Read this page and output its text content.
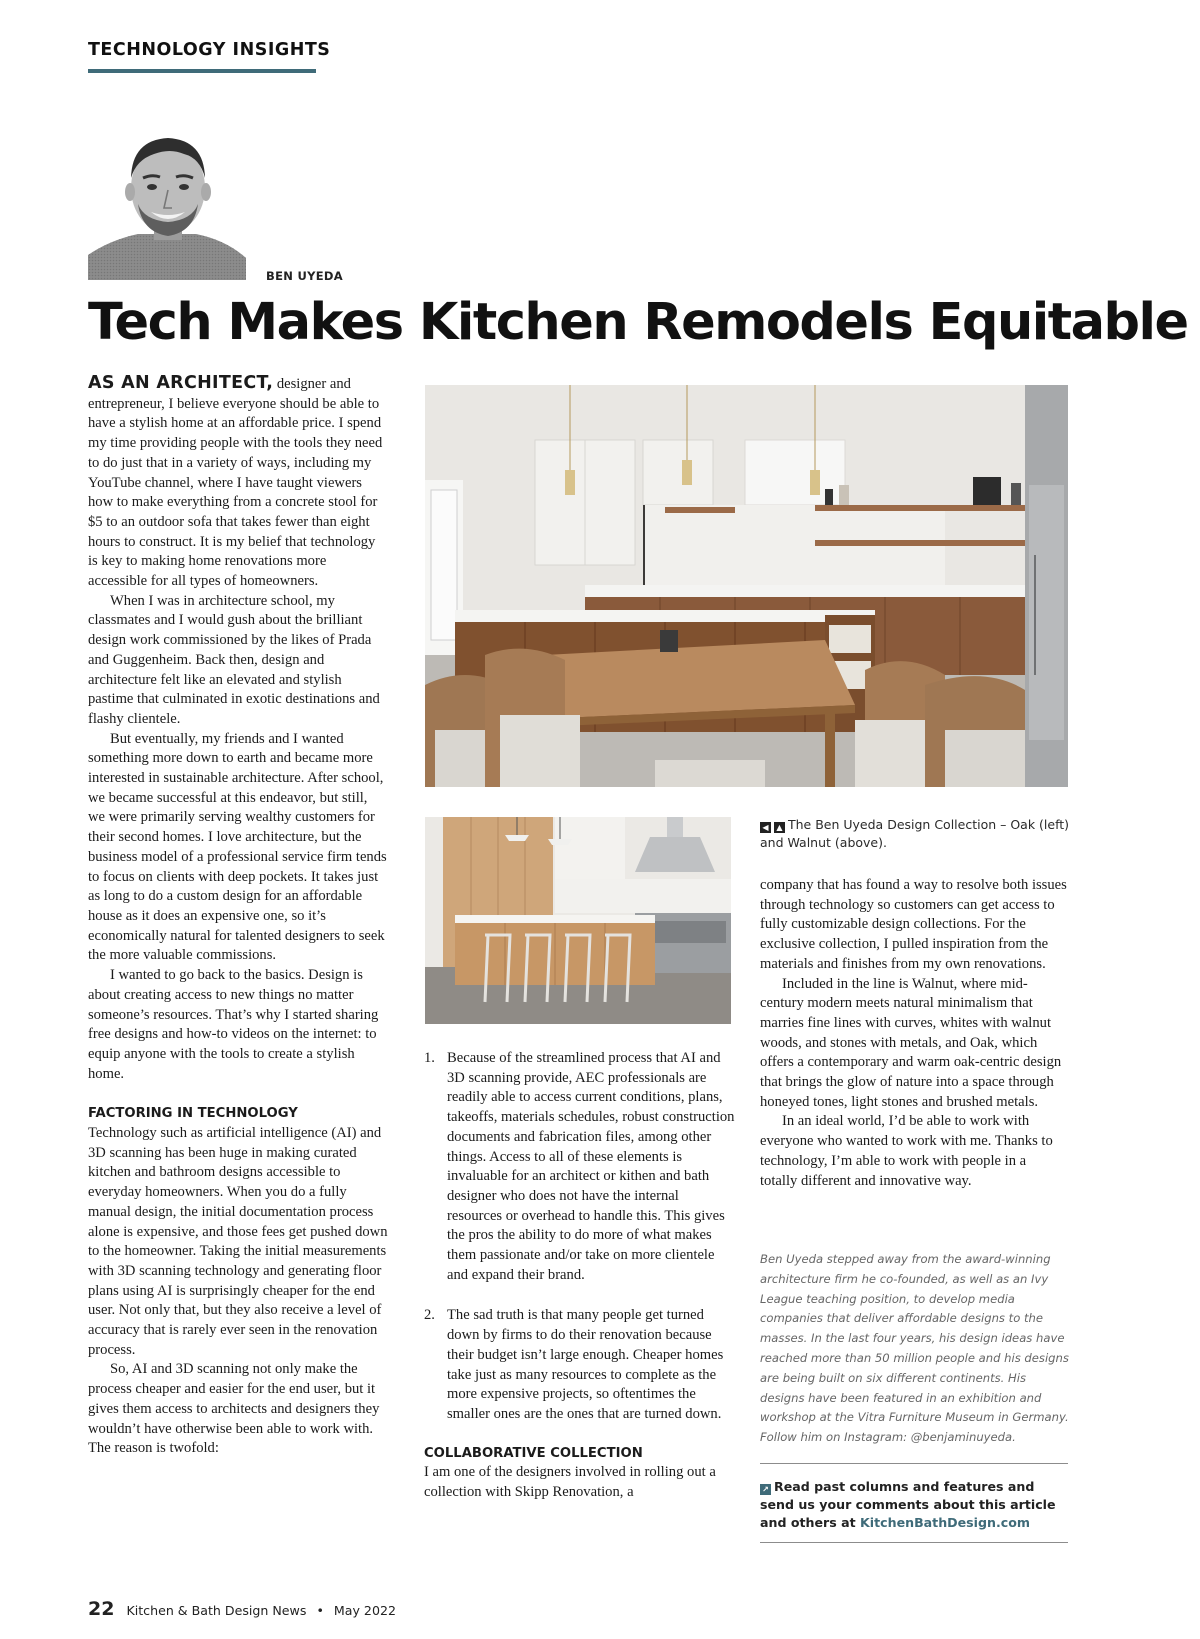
TECHNOLOGY INSIGHTS
BEN UYEDA
Tech Makes Kitchen Remodels Equitable

AS AN ARCHITECT, designer and entrepreneur, I believe everyone should be able to have a stylish home at an affordable price. I spend my time providing people with the tools they need to do just that in a variety of ways, including my YouTube channel, where I have taught viewers how to make everything from a concrete stool for $5 to an outdoor sofa that takes fewer than eight hours to construct. It is my belief that technology is key to making home renovations more accessible for all types of homeowners.

When I was in architecture school, my classmates and I would gush about the brilliant design work commissioned by the likes of Prada and Guggenheim. Back then, design and architecture felt like an elevated and stylish pastime that culminated in exotic destinations and flashy clientele.

But eventually, my friends and I wanted something more down to earth and became more interested in sustainable architecture. After school, we became successful at this endeavor, but still, we were primarily serving wealthy customers for their second homes. I love architecture, but the business model of a professional service firm tends to focus on clients with deep pockets. It takes just as long to do a custom design for an affordable house as it does an expensive one, so it’s economically natural for talented designers to seek the more valuable commissions.

I wanted to go back to the basics. Design is about creating access to new things no matter someone’s resources. That’s why I started sharing free designs and how-to videos on the internet: to equip anyone with the tools to create a stylish home.

FACTORING IN TECHNOLOGY

Technology such as artificial intelligence (AI) and 3D scanning has been huge in making curated kitchen and bathroom designs accessible to everyday homeowners. When you do a fully manual design, the initial documentation process alone is expensive, and those fees get pushed down to the homeowner. Taking the initial measurements with 3D scanning technology and generating floor plans using AI is surprisingly cheaper for the end user. Not only that, but they also receive a level of accuracy that is rarely ever seen in the renovation process.

So, AI and 3D scanning not only make the process cheaper and easier for the end user, but it gives them access to architects and designers they wouldn’t have otherwise been able to work with. The reason is twofold:

◀ ▲ The Ben Uyeda Design Collection – Oak (left) and Walnut (above).

1. Because of the streamlined process that AI and 3D scanning provide, AEC professionals are readily able to access current conditions, plans, takeoffs, materials schedules, robust construction documents and fabrication files, among other things. Access to all of these elements is invaluable for an architect or kithen and bath designer who does not have the internal resources or overhead to handle this. This gives the pros the ability to do more of what makes them passionate and/or take on more clientele and expand their brand.

2. The sad truth is that many people get turned down by firms to do their renovation because their budget isn’t large enough. Cheaper homes take just as many resources to complete as the more expensive projects, so oftentimes the smaller ones are the ones that are turned down.

COLLABORATIVE COLLECTION

I am one of the designers involved in rolling out a collection with Skipp Renovation, a

company that has found a way to resolve both issues through technology so customers can get access to fully customizable design collections. For the exclusive collection, I pulled inspiration from the materials and finishes from my own renovations.

Included in the line is Walnut, where mid-century modern meets natural minimalism that marries fine lines with curves, whites with walnut woods, and stones with metals, and Oak, which offers a contemporary and warm oak-centric design that brings the glow of nature into a space through honeyed tones, light stones and brushed metals.

In an ideal world, I’d be able to work with everyone who wanted to work with me. Thanks to technology, I’m able to work with people in a totally different and innovative way.

Ben Uyeda stepped away from the award-winning architecture firm he co-founded, as well as an Ivy League teaching position, to develop media companies that deliver affordable designs to the masses. In the last four years, his design ideas have reached more than 50 million people and his designs are being built on six different continents. His designs have been featured in an exhibition and workshop at the Vitra Furniture Museum in Germany. Follow him on Instagram: @benjaminuyeda.
↗ Read past columns and features and send us your comments about this article and others at KitchenBathDesign.com
22 Kitchen & Bath Design News • May 2022
